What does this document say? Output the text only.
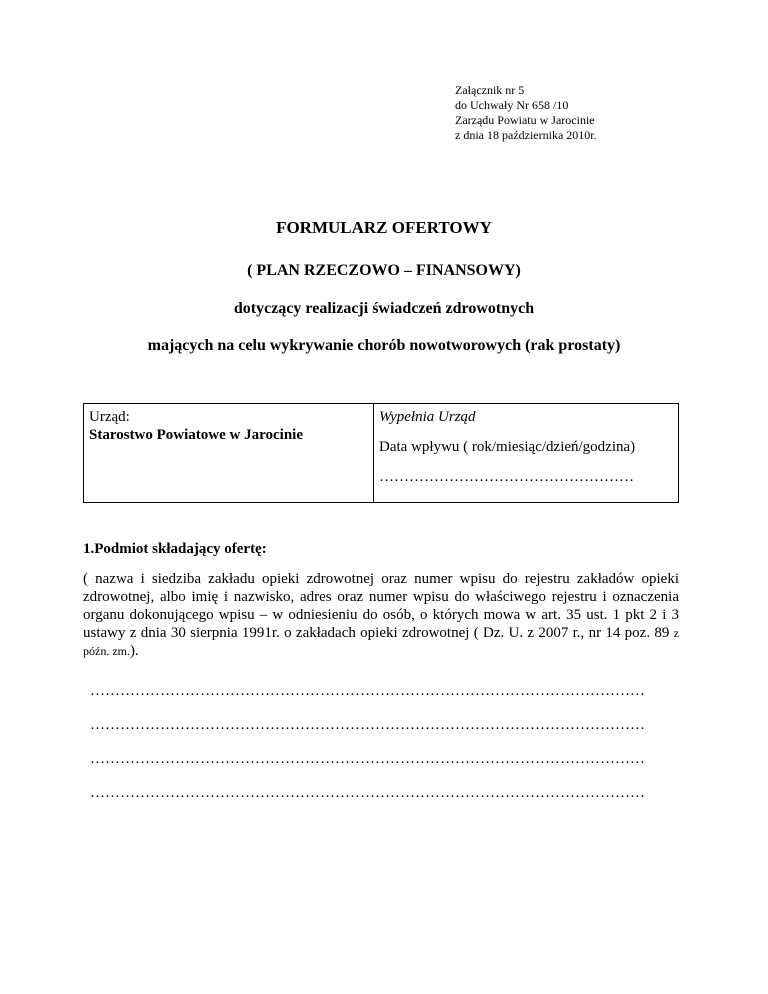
Załącznik nr 5
do Uchwały Nr 658 /10
Zarządu Powiatu w Jarocinie
z dnia 18 października 2010r.
FORMULARZ OFERTOWY
( PLAN RZECZOWO – FINANSOWY)
dotyczący realizacji świadczeń zdrowotnych
mających na celu wykrywanie chorób nowotworowych (rak prostaty)
Urząd:
Starostwo Powiatowe w Jarocinie
Wypełnia Urząd
Data wpływu ( rok/miesiąc/dzień/godzina)
……………………………………………
1.Podmiot składający ofertę:
( nazwa i siedziba zakładu opieki zdrowotnej oraz numer wpisu do rejestru zakładów opieki zdrowotnej, albo imię i nazwisko, adres oraz numer wpisu do właściwego rejestru i oznaczenia organu dokonującego wpisu – w odniesieniu do osób, o których mowa w art. 35 ust. 1 pkt 2 i 3 ustawy z dnia 30 sierpnia 1991r. o zakładach opieki zdrowotnej ( Dz. U. z 2007 r., nr 14 poz. 89 z późn. zm.).
…………………………………………………………………………………………………
…………………………………………………………………………………………………
…………………………………………………………………………………………………
…………………………………………………………………………………………………
